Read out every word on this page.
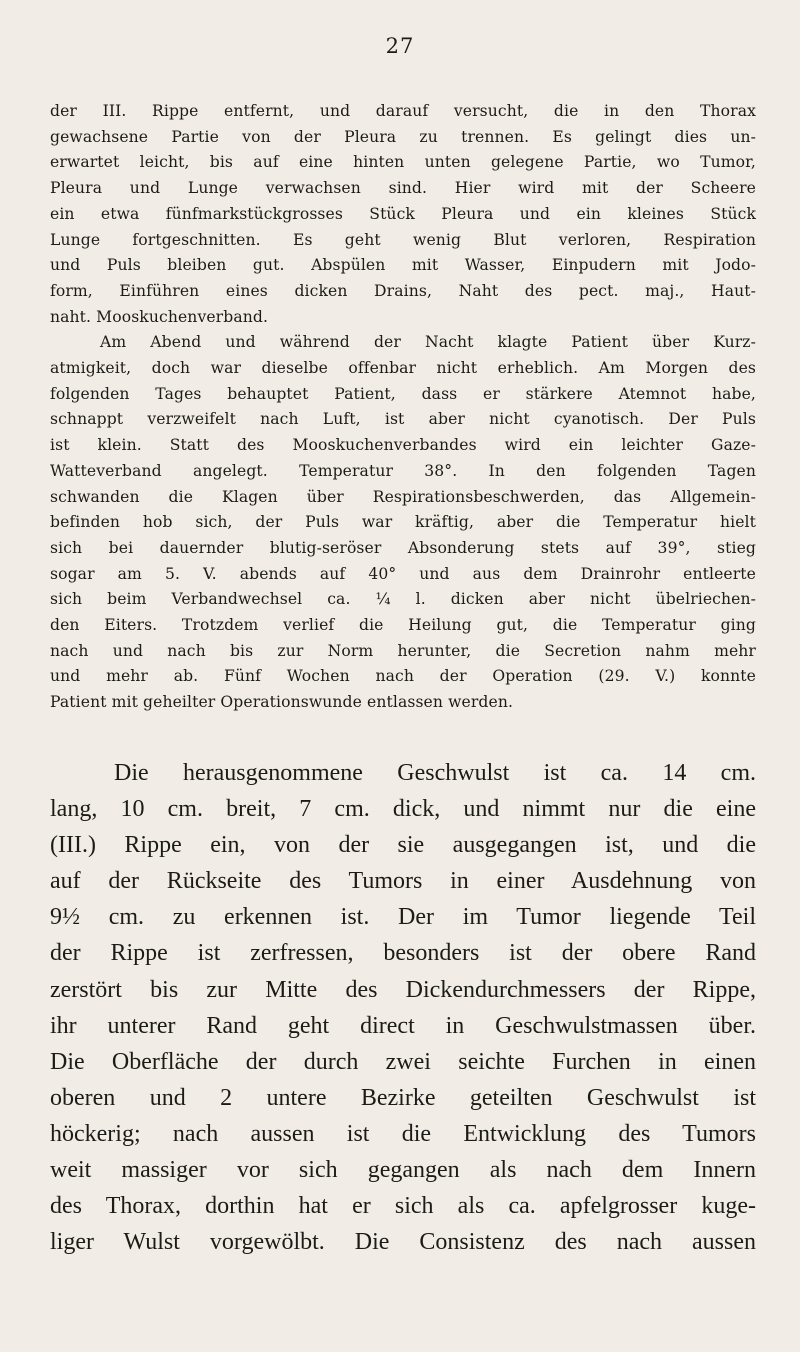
27
der III. Rippe entfernt, und darauf versucht, die in den Thorax
gewachsene Partie von der Pleura zu trennen. Es gelingt dies un-
erwartet leicht, bis auf eine hinten unten gelegene Partie, wo Tumor,
Pleura und Lunge verwachsen sind. Hier wird mit der Scheere
ein etwa fünfmarkstückgrosses Stück Pleura und ein kleines Stück
Lunge fortgeschnitten. Es geht wenig Blut verloren, Respiration
und Puls bleiben gut. Abspülen mit Wasser, Einpudern mit Jodo-
form, Einführen eines dicken Drains, Naht des pect. maj., Haut-
naht. Mooskuchenverband.
Am Abend und während der Nacht klagte Patient über Kurz-
atmigkeit, doch war dieselbe offenbar nicht erheblich. Am Morgen des
folgenden Tages behauptet Patient, dass er stärkere Atemnot habe,
schnappt verzweifelt nach Luft, ist aber nicht cyanotisch. Der Puls
ist klein. Statt des Mooskuchenverbandes wird ein leichter Gaze-
Watteverband angelegt. Temperatur 38°. In den folgenden Tagen
schwanden die Klagen über Respirationsbeschwerden, das Allgemein-
befinden hob sich, der Puls war kräftig, aber die Temperatur hielt
sich bei dauernder blutig-seröser Absonderung stets auf 39°, stieg
sogar am 5. V. abends auf 40° und aus dem Drainrohr entleerte
sich beim Verbandwechsel ca. ¼ l. dicken aber nicht übelriechen-
den Eiters. Trotzdem verlief die Heilung gut, die Temperatur ging
nach und nach bis zur Norm herunter, die Secretion nahm mehr
und mehr ab. Fünf Wochen nach der Operation (29. V.) konnte
Patient mit geheilter Operationswunde entlassen werden.
Die herausgenommene Geschwulst ist ca. 14 cm.
lang, 10 cm. breit, 7 cm. dick, und nimmt nur die eine
(III.) Rippe ein, von der sie ausgegangen ist, und die
auf der Rückseite des Tumors in einer Ausdehnung von
9½ cm. zu erkennen ist. Der im Tumor liegende Teil
der Rippe ist zerfressen, besonders ist der obere Rand
zerstört bis zur Mitte des Dickendurchmessers der Rippe,
ihr unterer Rand geht direct in Geschwulstmassen über.
Die Oberfläche der durch zwei seichte Furchen in einen
oberen und 2 untere Bezirke geteilten Geschwulst ist
höckerig; nach aussen ist die Entwicklung des Tumors
weit massiger vor sich gegangen als nach dem Innern
des Thorax, dorthin hat er sich als ca. apfelgrosser kuge-
liger Wulst vorgewölbt. Die Consistenz des nach aussen
